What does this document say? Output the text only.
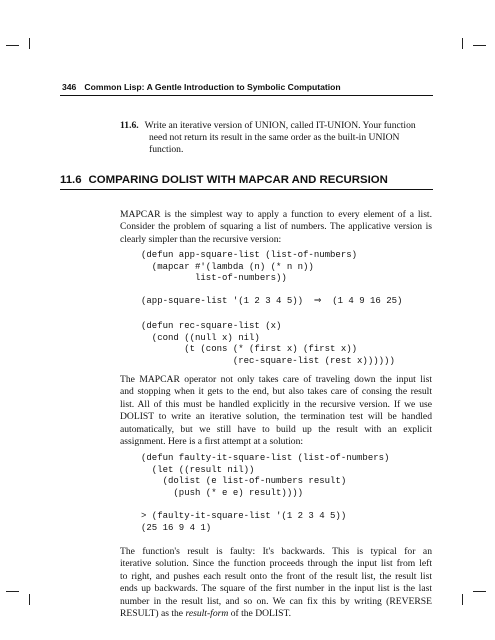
346 Common Lisp: A Gentle Introduction to Symbolic Computation
11.6. Write an iterative version of UNION, called IT-UNION. Your function
need not return its result in the same order as the built-in UNION
function.
11.6 COMPARING DOLIST WITH MAPCAR AND RECURSION
MAPCAR is the simplest way to apply a function to every element of a list.
Consider the problem of squaring a list of numbers. The applicative version is
clearly simpler than the recursive version:
(defun app-square-list (list-of-numbers)
(mapcar #'(lambda (n) (* n n))
list-of-numbers))
(app-square-list '(1 2 3 4 5)) ⇒ (1 4 9 16 25)
(defun rec-square-list (x)
(cond ((null x) nil)
(t (cons (* (first x) (first x))
(rec-square-list (rest x))))))
The MAPCAR operator not only takes care of traveling down the input list
and stopping when it gets to the end, but also takes care of consing the result
list. All of this must be handled explicitly in the recursive version. If we use
DOLIST to write an iterative solution, the termination test will be handled
automatically, but we still have to build up the result with an explicit
assignment. Here is a first attempt at a solution:
(defun faulty-it-square-list (list-of-numbers)
(let ((result nil))
(dolist (e list-of-numbers result)
(push (* e e) result))))
> (faulty-it-square-list '(1 2 3 4 5))
(25 16 9 4 1)
The function's result is faulty: It's backwards. This is typical for an
iterative solution. Since the function proceeds through the input list from left
to right, and pushes each result onto the front of the result list, the result list
ends up backwards. The square of the first number in the input list is the last
number in the result list, and so on. We can fix this by writing (REVERSE
RESULT) as the result-form of the DOLIST.
